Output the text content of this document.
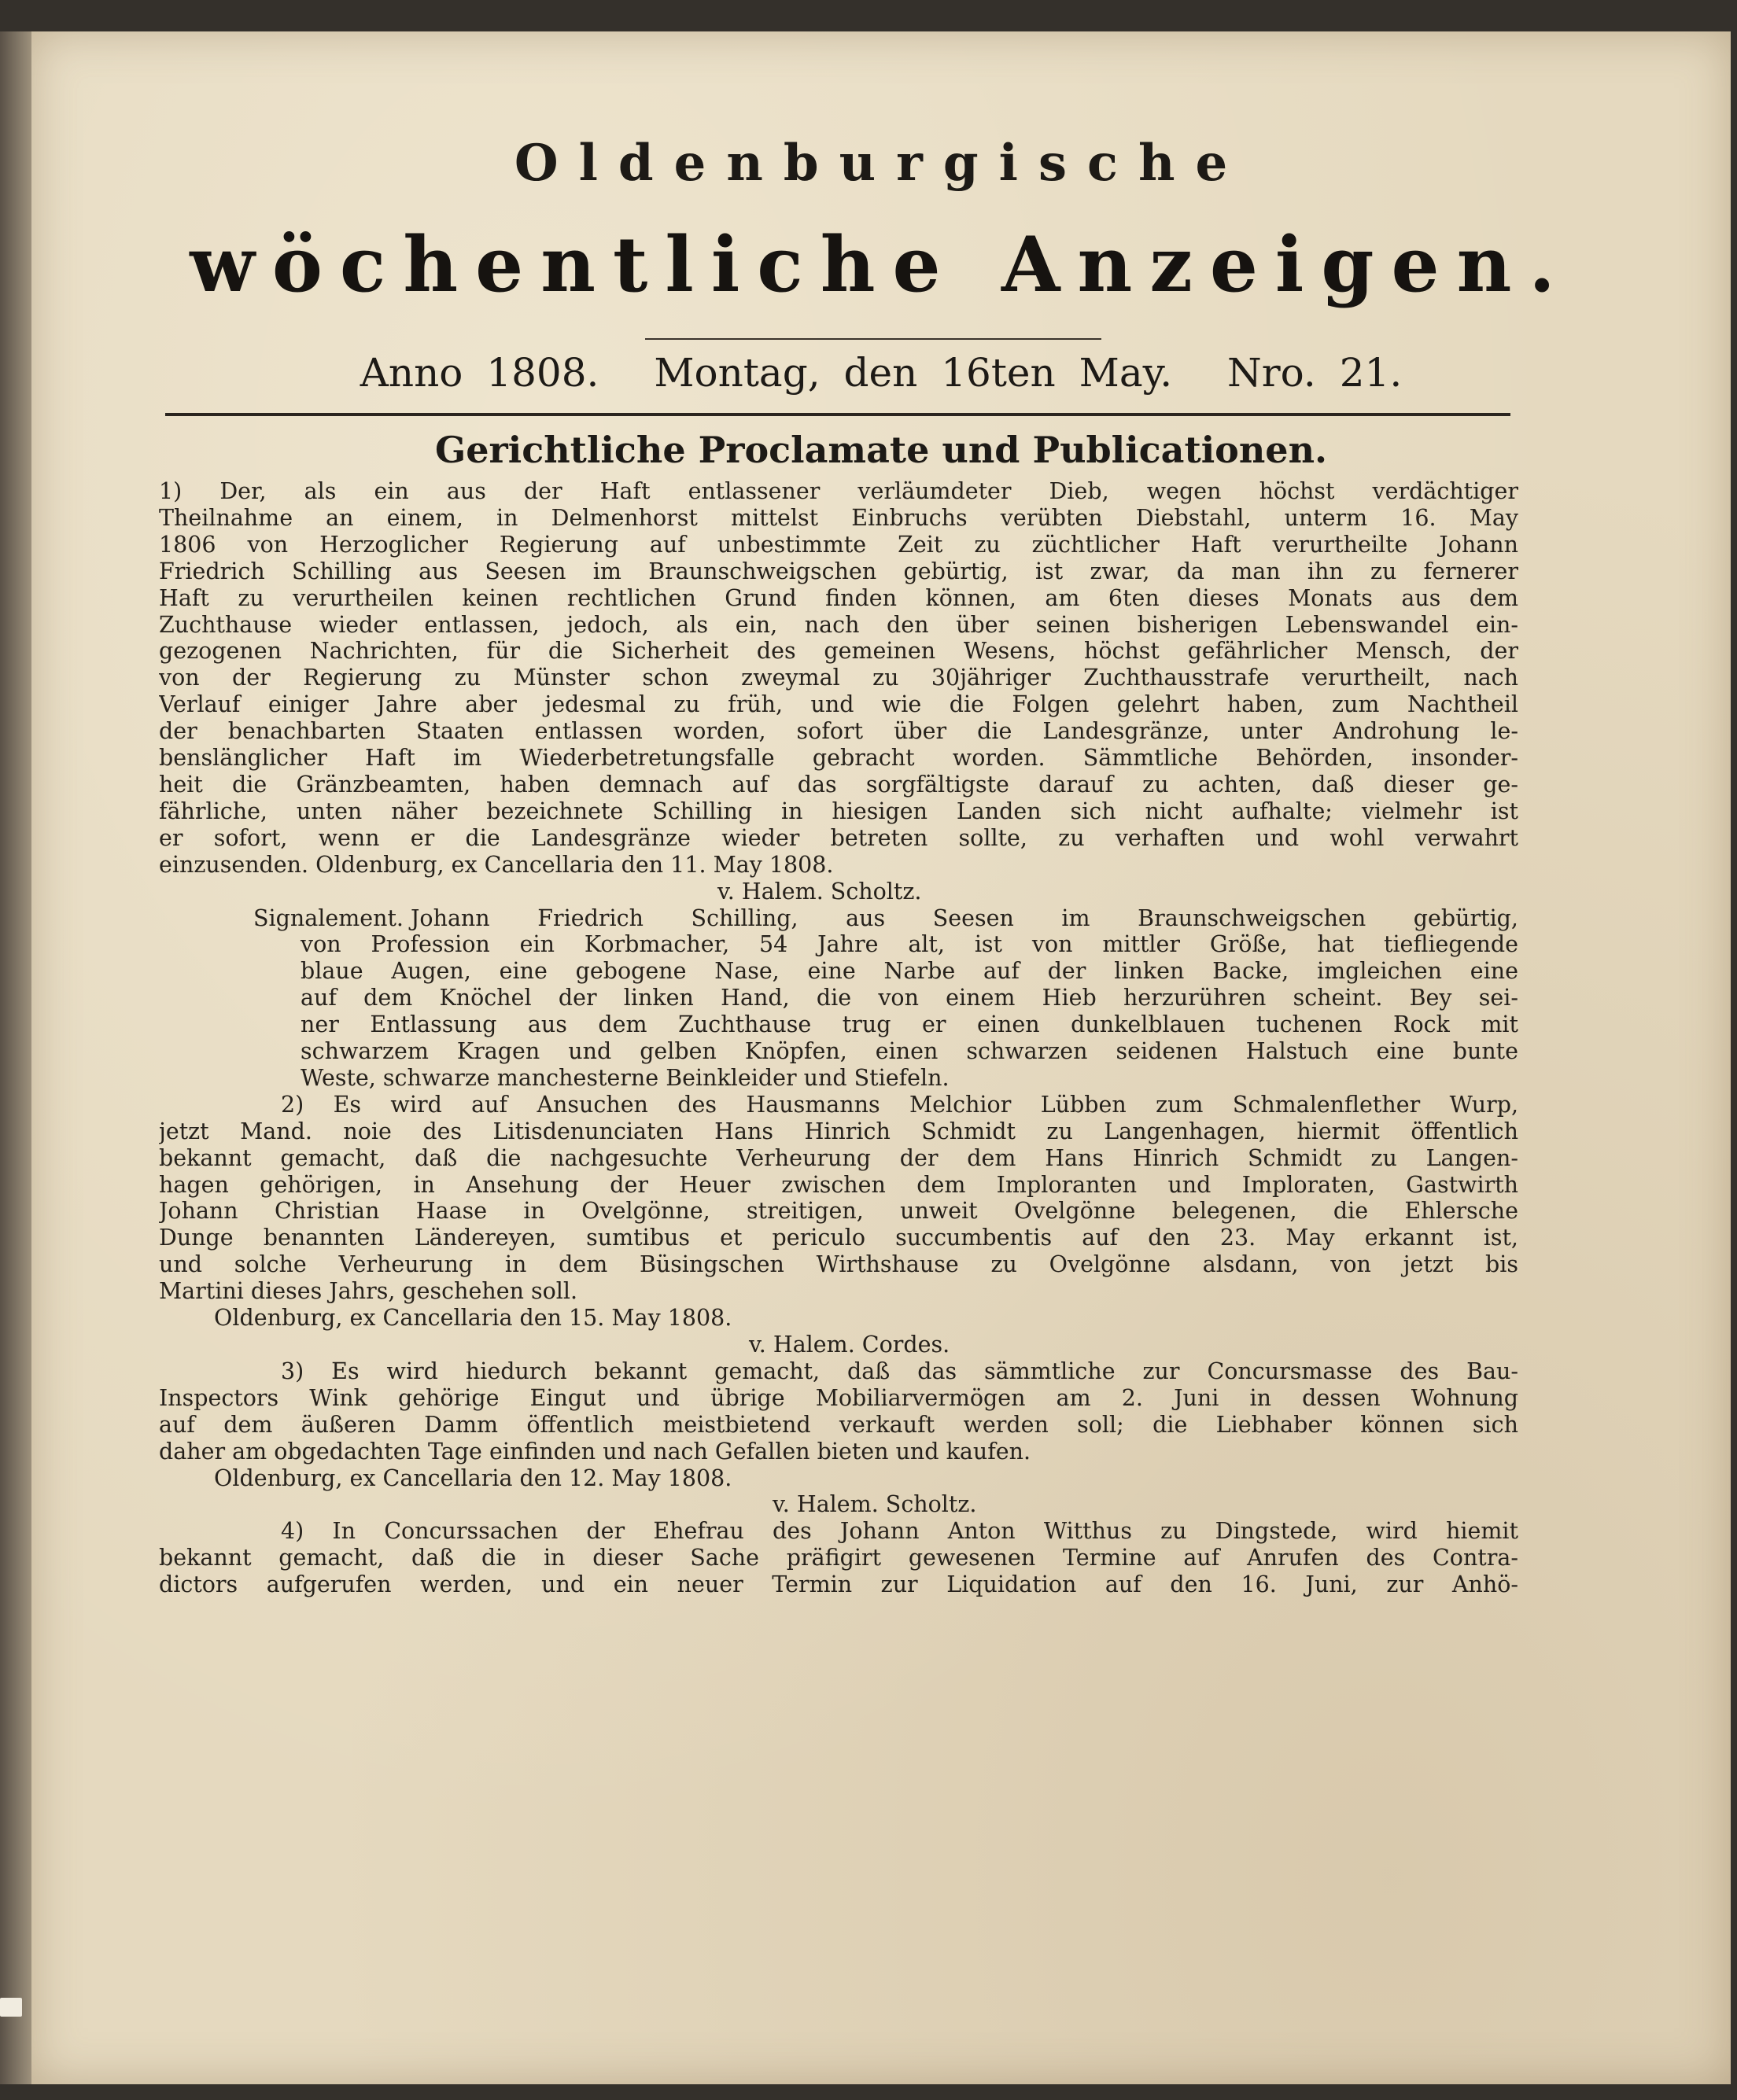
Oldenburgische
wöchentliche Anzeigen.
Anno 1808. Montag, den 16ten May. Nro. 21.
Gerichtliche Proclamate und Publicationen.
1) Der, als ein aus der Haft entlassener verläumdeter Dieb, wegen höchst verdächtiger
Theilnahme an einem, in Delmenhorst mittelst Einbruchs verübten Diebstahl, unterm 16. May
1806 von Herzoglicher Regierung auf unbestimmte Zeit zu züchtlicher Haft verurtheilte Johann
Friedrich Schilling aus Seesen im Braunschweigschen gebürtig, ist zwar, da man ihn zu fernerer
Haft zu verurtheilen keinen rechtlichen Grund finden können, am 6ten dieses Monats aus dem
Zuchthause wieder entlassen, jedoch, als ein, nach den über seinen bisherigen Lebenswandel ein-
gezogenen Nachrichten, für die Sicherheit des gemeinen Wesens, höchst gefährlicher Mensch, der
von der Regierung zu Münster schon zweymal zu 30jähriger Zuchthausstrafe verurtheilt, nach
Verlauf einiger Jahre aber jedesmal zu früh, und wie die Folgen gelehrt haben, zum Nachtheil
der benachbarten Staaten entlassen worden, sofort über die Landesgränze, unter Androhung le-
benslänglicher Haft im Wiederbetretungsfalle gebracht worden. Sämmtliche Behörden, insonder-
heit die Gränzbeamten, haben demnach auf das sorgfältigste darauf zu achten, daß dieser ge-
fährliche, unten näher bezeichnete Schilling in hiesigen Landen sich nicht aufhalte; vielmehr ist
er sofort, wenn er die Landesgränze wieder betreten sollte, zu verhaften und wohl verwahrt
einzusenden. Oldenburg, ex Cancellaria den 11. May 1808.
v. Halem. Scholtz.
Signalement. Johann Friedrich Schilling, aus Seesen im Braunschweigschen gebürtig,
von Profession ein Korbmacher, 54 Jahre alt, ist von mittler Größe, hat tiefliegende
blaue Augen, eine gebogene Nase, eine Narbe auf der linken Backe, imgleichen eine
auf dem Knöchel der linken Hand, die von einem Hieb herzurühren scheint. Bey sei-
ner Entlassung aus dem Zuchthause trug er einen dunkelblauen tuchenen Rock mit
schwarzem Kragen und gelben Knöpfen, einen schwarzen seidenen Halstuch eine bunte
Weste, schwarze manchesterne Beinkleider und Stiefeln.
2) Es wird auf Ansuchen des Hausmanns Melchior Lübben zum Schmalenflether Wurp,
jetzt Mand. noie des Litisdenunciaten Hans Hinrich Schmidt zu Langenhagen, hiermit öffentlich
bekannt gemacht, daß die nachgesuchte Verheurung der dem Hans Hinrich Schmidt zu Langen-
hagen gehörigen, in Ansehung der Heuer zwischen dem Imploranten und Imploraten, Gastwirth
Johann Christian Haase in Ovelgönne, streitigen, unweit Ovelgönne belegenen, die Ehlersche
Dunge benannten Ländereyen, sumtibus et periculo succumbentis auf den 23. May erkannt ist,
und solche Verheurung in dem Büsingschen Wirthshause zu Ovelgönne alsdann, von jetzt bis
Martini dieses Jahrs, geschehen soll.
Oldenburg, ex Cancellaria den 15. May 1808.
v. Halem. Cordes.
3) Es wird hiedurch bekannt gemacht, daß das sämmtliche zur Concursmasse des Bau-
Inspectors Wink gehörige Eingut und übrige Mobiliarvermögen am 2. Juni in dessen Wohnung
auf dem äußeren Damm öffentlich meistbietend verkauft werden soll; die Liebhaber können sich
daher am obgedachten Tage einfinden und nach Gefallen bieten und kaufen.
Oldenburg, ex Cancellaria den 12. May 1808.
v. Halem. Scholtz.
4) In Concurssachen der Ehefrau des Johann Anton Witthus zu Dingstede, wird hiemit
bekannt gemacht, daß die in dieser Sache präfigirt gewesenen Termine auf Anrufen des Contra-
dictors aufgerufen werden, und ein neuer Termin zur Liquidation auf den 16. Juni, zur Anhö-
